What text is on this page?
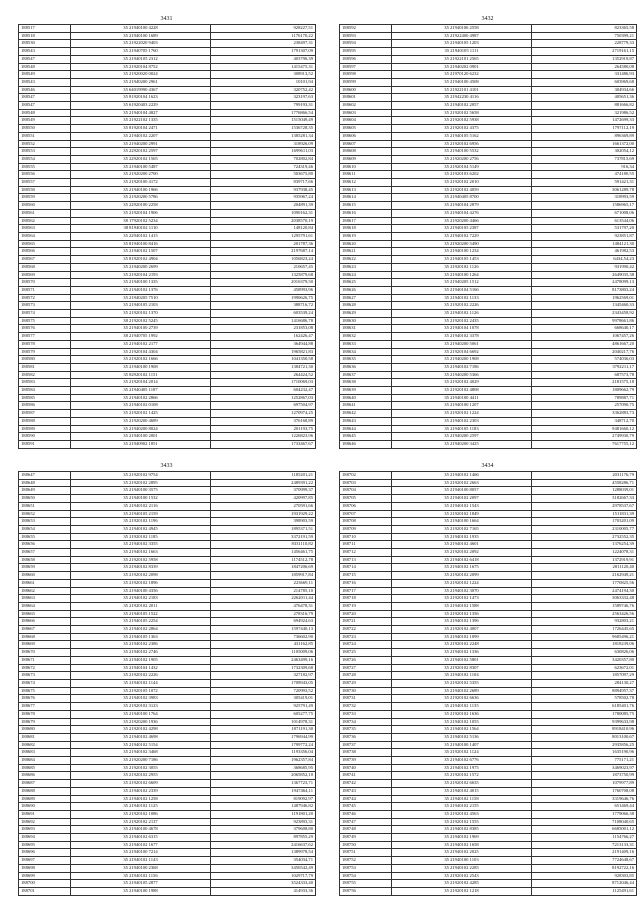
3431
188517	35 21940100 4228	928227,51
188518	35 21940100 1689	1176170,22
188530	35 21922020 9403	238497,31
188543	35 21940705 1760	1791307,09
188547	35 21940105 2312	403796,39
188548	35 21920104 8752	1415475,31
188549	35 21920020 0024	308913,52
188543	35 21940200 2961	10101,94
188546	35 64019990 4367	320752,42
188547	35 81920104 1623	323197,63
188547	35 61920403 2229	799193,31
188548	35 21940104 4827	1776866,54
188549	35 21922102 1335	1515049,49
188550	35 81920104 2471	1536728,35
188551	35 21940102 2207	1385281,34
188552	35 21940200 2991	318926,09
188553	35 22920102 2597	1699611,03
188554	35 22920102 1565	702802,84
188555	35 21940100 5487	724319,46
188556	35 21920200 2700	503675,80
188557	35 21920100 4172	839717,66
188558	35 21940100 1966	937938,45
188559	35 21920200 5786	935967,24
188560	35 22920100 2258	204891,39
188561	35 21920104 1906	1090162,31
188562	38 17920102 5234	2038570,19
188563	38 81940102 1110	148120,84
188564	35 22940102 1415	1295791,61
188565	35 81940100 8416	201787,36
188566	35 21940102 1507	2197687,14
188567	35 81920102 4904	1056823,24
188568	35 21940200 2699	210657,45
188569	35 21920104 2193	1325879,68
188570	35 21940100 1335	2016379,50
188571	35 21940102 1376	458993,96
188572	35 21940205 7510	1990626,75
188573	35 21940105 2103	388716,72
188574	35 21920102 1370	603539,24
188575	38 21920102 5245	1416686,78
188576	35 21940100 2739	231853,08
188577	38 21940705 1992	162426,47
188578	35 21940102 2177	364944,88
188579	35 21920104 4304	1965821,83
188580	35 21920102 1666	1041350,58
188581	35 21940100 1908	1384721,30
188582	35 82920102 1151	264424,52
188583	35 21920104 2014	1710069,03
188584	35 21940405 1187	604232,47
188585	35 21940102 2866	1252867,03
188586	35 21940102 0108	697504,97
188587	35 21920102 1425	1270974,25
188588	35 21920200 4689	376168,89
188589	35 21940200 8024	201193,75
188590	35 21940100 2001	1226823,96
188591	35 21940902 1851	1733467,67
3432
188592	35 21940106 2558	823365,58
188593	35 21922400 4987	750399,21
188594	35 21940105 1203	228779,33
188595	35 21940105 1111	2719161,15
188596	35 21922101 2565	1352919,87
188597	35 21940202 0901	264580,08
188598	35 21970120 6232	331486,93
188599	35 21940100 4508	603969,68
188600	35 21922101 4101	304934,66
188601	35 21942230 4116	405651,36
188602	35 21940102 2057	881666,82
188603	35 21920102 5658	321986,52
188604	35 21920102 5938	1472699,33
188605	35 21920102 4375	1797112,19
188606	35 21940105 5162	896369,89
188607	35 21920102 6956	1661372,00
188608	35 21940100 5532	302054,12
188609	35 21920200 2756	737815,69
188610	35 21920104 5149	916,34
188611	35 21920103 6202	474180,55
188612	35 21920102 2010	591421,31
188613	35 21920102 4059	3061289,78
188614	35 21940405 8700	318993,59
188615	35 21940104 2879	1586965,17
188616	35 21940104 4276	671008,06
188617	35 21920200 4466	613544,06
188618	35 21940105 2387	531797,20
188619	35 21940102 7229	923851,87
188620	35 21920200 5490	1484121,30
188621	35 21940100 1234	461982,53
188622	35 21940105 1453	6434,54,23
188623	35 21920102 1126	931990,42
188624	35 21940100 1264	2649035,38
188625	35 21940205 1512	2478099,13
188626	35 21940104 5166	8173803,24
188627	35 21940102 1133	1962569,01
188628	35 21920102 2226	1345460,33
188629	35 21940102 1126	2343458,92
188630	35 21920102 2435	9978661,86
188631	35 21940104 1078	668640,17
188632	35 21940102 3378	1067457,26
188633	35 21940200 5061	4861667,20
188634	35 21920104 6692	2040217,76
188635	35 21940200 1908	574036,03
188636	35 21940102 7186	3792211,17
188637	35 21940200 5366	687573,78
188638	35 21920102 4029	2181575,18
188639	35 21920102 4808	1809662,79
188640	35 21940100 4411	789887,71
188641	35 21940100 1207	257090,75
188642	35 21920102 1224	3362883,73
188643	35 21940102 2303	348712,70
188644	35 21940105 1183	9481660,12
188645	35 21940200 2597	2749930,79
188646	35 21940200 3425	7617755,12
3433
188647	35 21920102 9754	1185201,21
188648	35 21920102 2895	2489391,22
188649	35 21940100 3575	370999,37
188650	35 21940100 1532	420997,85
188651	35 21940102 2116	270591,66
188652	35 21940105 2159	1931929,22
188653	35 21920102 1196	398903,59
188654	35 21940102 4945	1895371,51
188655	35 21920102 1185	3372191,59
188656	35 21940102 3355	8331110,82
188657	35 21940102 1663	1456461,75
188658	35 21920102 5958	1174512,78
188659	35 21940102 8339	1847206,69
188660	35 21920102 2098	1859917,84
188661	35 21920102 1896	223669,11
188662	35 21940100 4356	214785,10
188663	35 21940102 2183	2262011,44
188664	35 21920102 2011	476478,31
188665	35 21940105 1522	278316,79
188666	35 21940105 2254	694924,63
188667	35 21940102 2864	1597440,13
188668	35 21940105 1363	736602,90
188669	35 21940102 2386	431162,85
188670	35 21940102 2746	1105009,06
188671	35 21940102 1905	2463499,16
188672	35 21940104 1432	1732309,68
188673	35 21920102 2226	327182,97
188674	35 21940102 1144	1708943,05
188675	35 21920105 1072	720993,52
188676	35 21940102 3983	305419,01
188677	35 21920102 3123	925791,49
188678	35 21940100 1764	605277,75
188679	35 21920200 1936	1014978,31
188680	35 21920102 4298	1871191,30
188681	35 21940102 4698	1796944,99
188682	35 21940102 5154	1799772,24
188683	35 21940102 3468	1193356,04
188684	35 21920200 7186	1962357,84
188685	35 21920102 3055	368685,95
188686	35 21920102 2955	2065852,10
188687	35 21920102 6609	1367723,71
188688	35 21940102 2339	1947464,11
188689	35 21940102 1258	819092,97
188690	35 21940102 1125	1487946,82
188691	35 21920102 1086	1191801,20
188692	35 21920102 2137	923893,31
188693	35 21940100 4678	379608,80
188694	35 21940102 6315	897855,29
188695	35 21940102 1677	2416637,62
188696	35 21940100 7214	1389978,54
188697	35 21940102 1143	354034,71
188698	35 21940100 2368	3450542,49
188699	35 21940102 1156	1029717,79
188700	35 21940105 2877	3524333,40
188701	35 21940100 1988	414933,36
3434
188702	35 21940102 1466	2031176,79
188703	35 21920102 2663	4558286,71
188704	35 21940100 8057	1288039,01
188705	35 21940102 2097	3182667,33
188706	35 21940102 1543	2978537,67
188707	35 21920102 1849	1511831,39
188708	35 21940100 1664	1703201,09
188709	35 21920102 7165	2310005,77
188710	35 21940102 1935	2732552,35
188711	35 21940102 4601	1376254,39
188712	35 21920102 2092	1224078,31
188713	35 21940102 6418	1372919,91
188714	35 21940102 1675	2811120,40
188715	35 21920102 2099	2162949,21
188716	35 21920102 1224	1770825,56
188717	35 21940102 3070	2474194,30
188718	35 21920102 1473	3063332,48
188719	35 21940102 1588	1589746,76
188720	35 21920102 1356	2563426,56
188721	35 21940102 1396	932803,21
188722	35 21920102 4007	1726445,65
188723	35 21940102 1099	9685496,21
188724	35 21920102 2248	1818239,06
188725	35 21940102 1336	630826,06
188726	35 21940102 5801	3420357,80
188727	35 21920102 8307	623672,01
188728	35 21940102 1104	1857097,29
188729	35 21920102 5355	284130,27
188730	35 21940102 2689	8894957,37
188731	35 21920102 6636	578502,78
188732	35 21940102 1135	6185401,76
188733	35 21920102 1636	1780085,75
188734	35 21940102 1055	9399633,98
188735	35 21940102 1564	8918410,96
188736	35 21940102 5136	8013100,67
188737	35 21940100 1407	2935856,25
188738	35 21920102 1124	1635190,96
188739	35 21940102 6776	775171,21
188740	35 21940102 1975	3469023,97
188741	35 21920102 1572	1873750,99
188742	35 21920102 6635	1079977,89
188743	35 21940102 4015	1760708,08
188744	35 21940102 1158	3319646,76
188745	35 21940102 2155	651469,44
188746	35 21920102 4563	1779066,38
188747	35 21920102 1555	7108040,65
188748	35 21940102 8385	6685001,12
188749	35 21940102 1969	1154766,27
188750	35 21940102 1658	7213133,31
188751	35 21940102 2025	2191409,16
188752	35 21940100 1103	7724648,67
188753	35 21940102 2285	8192722,16
188754	35 21920102 2543	928303,85
188755	35 21920102 4285	8712046,44
188756	35 21920102 1218	1125491,61
